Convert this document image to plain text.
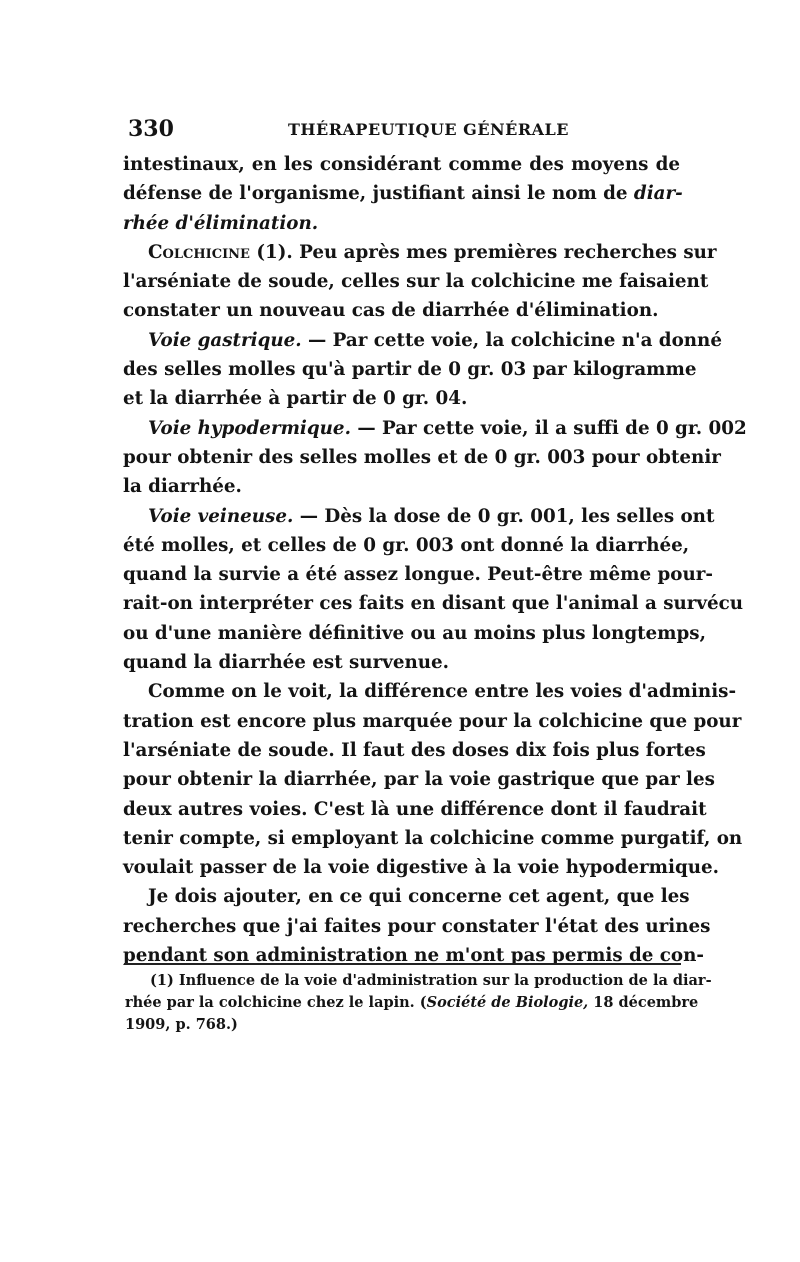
330	THÉRAPEUTIQUE GÉNÉRALE
intestinaux, en les considérant comme des moyens de
défense de l'organisme, justifiant ainsi le nom de diar-
rhée d'élimination.
Colchicine (1). Peu après mes premières recherches sur
l'arséniate de soude, celles sur la colchicine me faisaient
constater un nouveau cas de diarrhée d'élimination.
Voie gastrique. — Par cette voie, la colchicine n'a donné
des selles molles qu'à partir de 0 gr. 03 par kilogramme
et la diarrhée à partir de 0 gr. 04.
Voie hypodermique. — Par cette voie, il a suffi de 0 gr. 002
pour obtenir des selles molles et de 0 gr. 003 pour obtenir
la diarrhée.
Voie veineuse. — Dès la dose de 0 gr. 001, les selles ont
été molles, et celles de 0 gr. 003 ont donné la diarrhée,
quand la survie a été assez longue. Peut-être même pour-
rait-on interpréter ces faits en disant que l'animal a survécu
ou d'une manière définitive ou au moins plus longtemps,
quand la diarrhée est survenue.
Comme on le voit, la différence entre les voies d'adminis-
tration est encore plus marquée pour la colchicine que pour
l'arséniate de soude. Il faut des doses dix fois plus fortes
pour obtenir la diarrhée, par la voie gastrique que par les
deux autres voies. C'est là une différence dont il faudrait
tenir compte, si employant la colchicine comme purgatif, on
voulait passer de la voie digestive à la voie hypodermique.
Je dois ajouter, en ce qui concerne cet agent, que les
recherches que j'ai faites pour constater l'état des urines
pendant son administration ne m'ont pas permis de con-
(1) Influence de la voie d'administration sur la production de la diar-
rhée par la colchicine chez le lapin. (Société de Biologie, 18 décembre
1909, p. 768.)
